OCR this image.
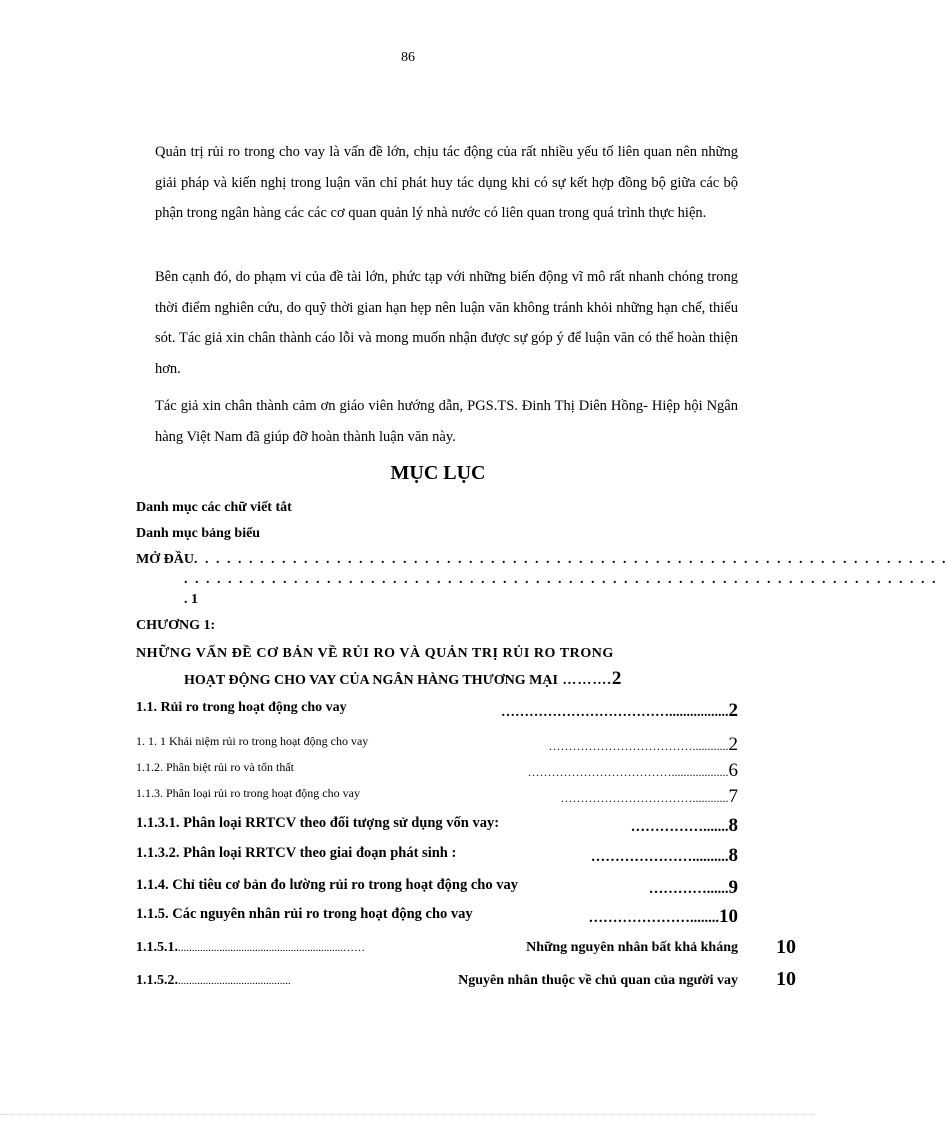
86

Quản trị rủi ro trong cho vay là vấn đề lớn, chịu tác động của rất nhiều yếu tố liên quan nên những giải pháp và kiến nghị trong luận văn chỉ phát huy tác dụng khi có sự kết hợp đồng bộ giữa các bộ phận trong ngân hàng các các cơ quan quản lý nhà nước có liên quan trong quá trình thực hiện.

Bên cạnh đó, do phạm vi của đề tài lớn, phức tạp với những biến động vĩ mô rất nhanh chóng trong thời điểm nghiên cứu, do quỹ thời gian hạn hẹp nên luận văn không tránh khỏi những hạn chế, thiếu sót. Tác giả xin chân thành cáo lỗi và mong muốn nhận được sự góp ý để luận văn có thể hoàn thiện hơn.

Tác giả xin chân thành cảm ơn giáo viên hướng dẫn, PGS.TS. Đinh Thị Diên Hồng- Hiệp hội Ngân hàng Việt Nam đã giúp đỡ hoàn thành luận văn này.

MỤC LỤC
Danh mục các chữ viết tắt
Danh mục bảng biểu
MỞ ĐẦU. . . . . . . . . . . . . . . . . . . . . . . . . . . . . . . . . . . . . . . . . . . . . . . . . . . . . . . . . . . . . . . . . . . . .
. . . . . . . . . . . . . . . . . . . . . . . . . . . . . . . . . . . . . . . . . . . . . . . . . . . . . . . . . . . . . . . . . . . . .
. 1
CHƯƠNG 1:
NHỮNG VẤN ĐỀ CƠ BẢN VỀ RỦI RO VÀ QUẢN TRỊ RỦI RO TRONG
HOẠT ĐỘNG CHO VAY CỦA NGÂN HÀNG THƯƠNG MẠI ……….2
1.1. Rủi ro trong hoạt động cho vay	……………………………….................2
1. 1. 1 Khái niệm rủi ro trong hoạt động cho vay	………………………………............2
1.1.2. Phân biệt rủi ro và tổn thất	………………………………...................6
1.1.3. Phân loại rủi ro trong hoạt động cho vay	……………………………............7
1.1.3.1. Phân loại RRTCV theo đối tượng sử dụng vốn vay:	…………….......8
1.1.3.2. Phân loại RRTCV theo giai đoạn phát sinh :	…………………..........8
1.1.4. Chỉ tiêu cơ bản đo lường rủi ro trong hoạt động cho vay	…………......9
1.1.5. Các nguyên nhân rủi ro trong hoạt động cho vay	…………………........10
1.1.5.1.............................................................……	Những nguyên nhân bất khả kháng 10
1.1.5.2..........................................	Nguyên nhân thuộc về chủ quan của người vay 10
